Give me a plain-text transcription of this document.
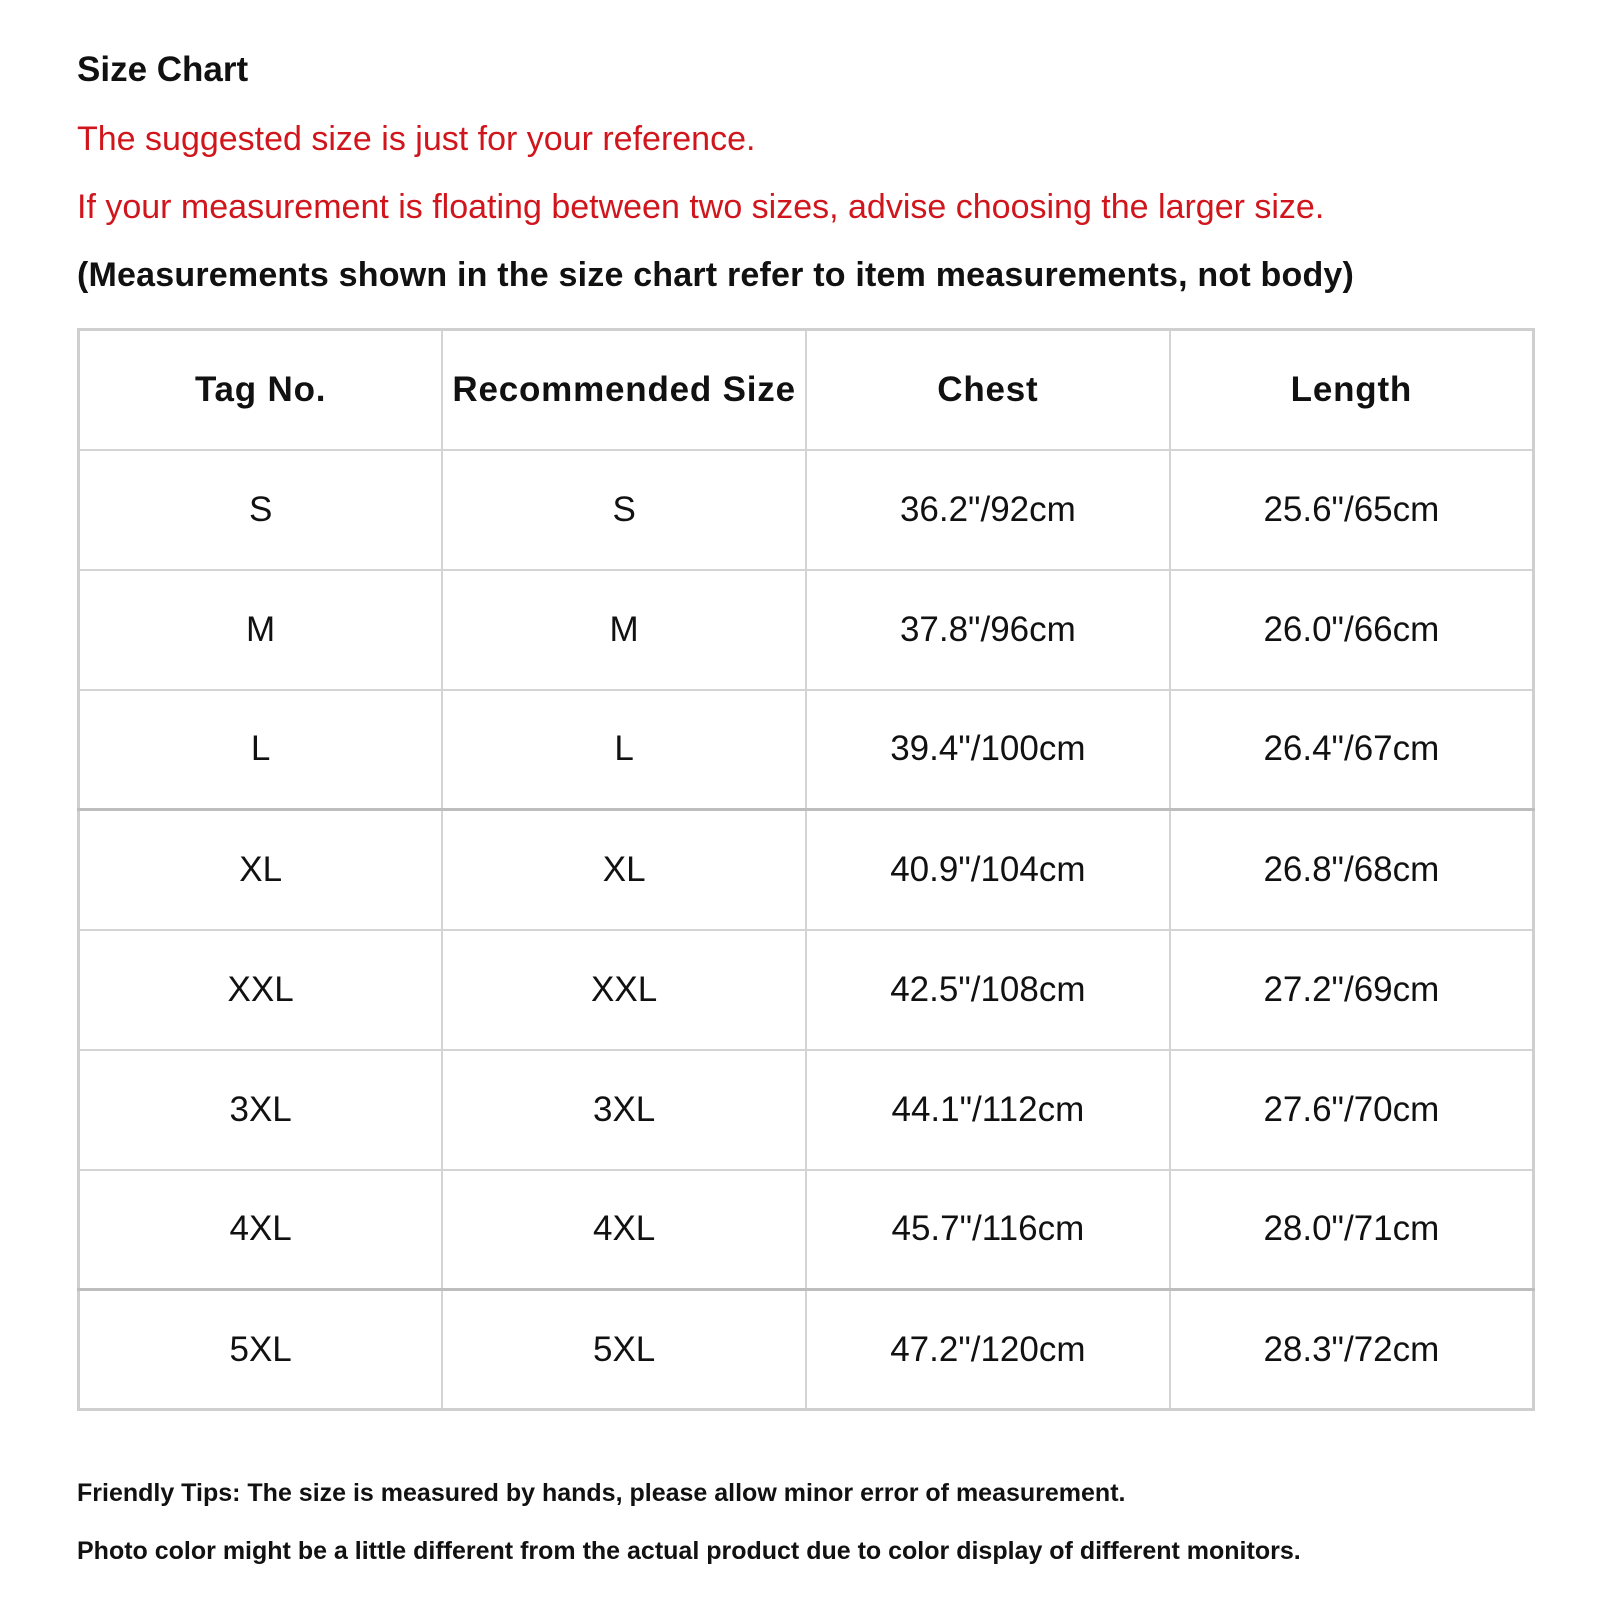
Size Chart
The suggested size is just for your reference.
If your measurement is floating between two sizes, advise choosing the larger size.
(Measurements shown in the size chart refer to item measurements, not body)
Tag No.	Recommended Size	Chest	Length
S	S	36.2"/92cm	25.6"/65cm
M	M	37.8"/96cm	26.0"/66cm
L	L	39.4"/100cm	26.4"/67cm
XL	XL	40.9"/104cm	26.8"/68cm
XXL	XXL	42.5"/108cm	27.2"/69cm
3XL	3XL	44.1"/112cm	27.6"/70cm
4XL	4XL	45.7"/116cm	28.0"/71cm
5XL	5XL	47.2"/120cm	28.3"/72cm
Friendly Tips: The size is measured by hands, please allow minor error of measurement.
Photo color might be a little different from the actual product due to color display of different monitors.
